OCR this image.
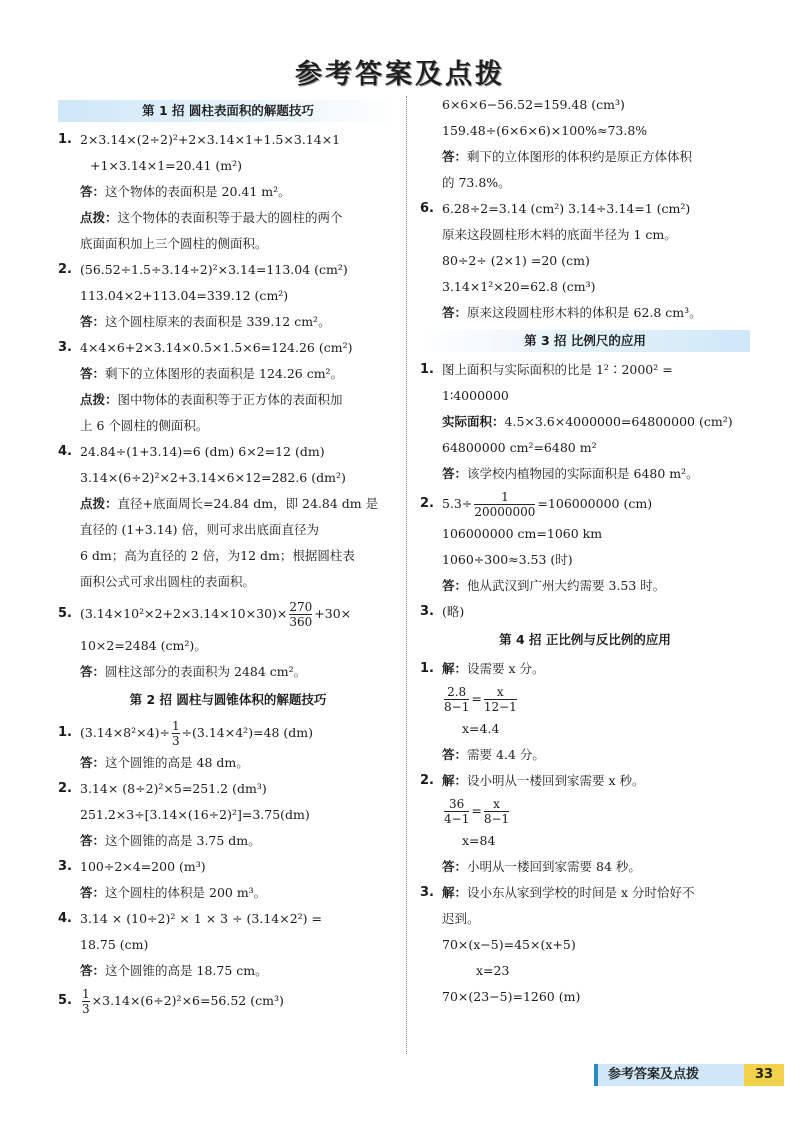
参考答案及点拨
第 1 招 圆柱表面积的解题技巧
1. 2×3.14×(2÷2)²+2×3.14×1+1.5×3.14×1
+1×3.14×1=20.41 (m²)
答：这个物体的表面积是 20.41 m²。
点拨：这个物体的表面积等于最大的圆柱的两个
底面面积加上三个圆柱的侧面积。
2. (56.52÷1.5÷3.14÷2)²×3.14=113.04 (cm²)
113.04×2+113.04=339.12 (cm²)
答：这个圆柱原来的表面积是 339.12 cm²。
3. 4×4×6+2×3.14×0.5×1.5×6=124.26 (cm²)
答：剩下的立体图形的表面积是 124.26 cm²。
点拨：图中物体的表面积等于正方体的表面积加
上 6 个圆柱的侧面积。
4. 24.84÷(1+3.14)=6 (dm) 6×2=12 (dm)
3.14×(6÷2)²×2+3.14×6×12=282.6 (dm²)
点拨：直径+底面周长=24.84 dm，即 24.84 dm 是
直径的 (1+3.14) 倍，则可求出底面直径为
6 dm；高为直径的 2 倍，为12 dm；根据圆柱表
面积公式可求出圆柱的表面积。
5. $(3.14\times 10^2\times 2+2\times 3.14\times 10\times 30)\times \frac{270}{360} +30\times$
10×2=2484 (cm²)。
答：圆柱这部分的表面积为 2484 cm²。
第 2 招 圆柱与圆锥体积的解题技巧
1. $(3.14\times 8^2\times 4)\div \frac{1}{3} \div(3.14\times 4^2)=48$ (dm)
答：这个圆锥的高是 48 dm。
2. 3.14× (8÷2)²×5=251.2 (dm³)
251.2×3÷[3.14×(16÷2)²]=3.75(dm)
答：这个圆锥的高是 3.75 dm。
3. 100÷2×4=200 (m³)
答：这个圆柱的体积是 200 m³。
4. 3.14 × (10÷2)² × 1 × 3 ÷ (3.14×2²) =
18.75 (cm)
答：这个圆锥的高是 18.75 cm。
5. $\frac{1}{3} \times 3.14\times(6\div 2)^2\times 6=56.52$ (cm³)
6×6×6−56.52=159.48 (cm³)
159.48÷(6×6×6)×100%≈73.8%
答：剩下的立体图形的体积约是原正方体体积
的 73.8%。
6. 6.28÷2=3.14 (cm²) 3.14÷3.14=1 (cm²)
原来这段圆柱形木料的底面半径为 1 cm。
80÷2÷ (2×1) =20 (cm)
3.14×1²×20=62.8 (cm³)
答：原来这段圆柱形木料的体积是 62.8 cm³。
第 3 招 比例尺的应用
1. 图上面积与实际面积的比是 1²∶2000² =
1∶4000000
实际面积：4.5×3.6×4000000=64800000 (cm²)
64800000 cm²=6480 m²
答：该学校内植物园的实际面积是 6480 m²。
2. $5.3\div \frac{1}{20000000} =106000000$ (cm)
106000000 cm=1060 km
1060÷300≈3.53 (时)
答：他从武汉到广州大约需要 3.53 时。
3. (略)
第 4 招 正比例与反比例的应用
1. 解：设需要 x 分。
$\frac{2.8}{8-1} = \frac{x}{12-1}$
x=4.4
答：需要 4.4 分。
2. 解：设小明从一楼回到家需要 x 秒。
$\frac{36}{4-1} = \frac{x}{8-1}$
x=84
答：小明从一楼回到家需要 84 秒。
3. 解：设小东从家到学校的时间是 x 分时恰好不
迟到。
70×(x−5)=45×(x+5)
x=23
70×(23−5)=1260 (m)
参考答案及点拨	33
